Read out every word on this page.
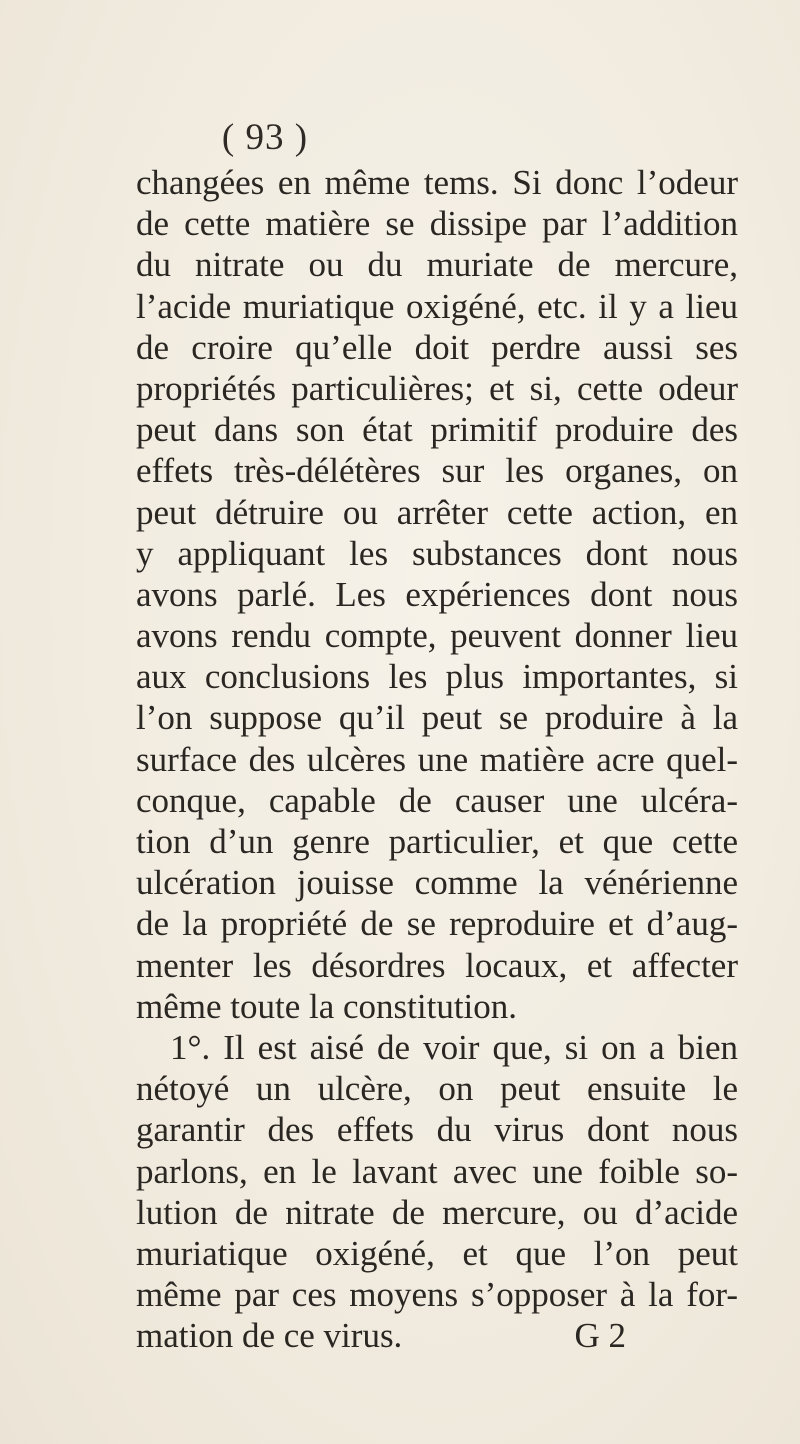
( 93 )
changées en même tems. Si donc l’odeur
de cette matière se dissipe par l’addition
du nitrate ou du muriate de mercure,
l’acide muriatique oxigéné, etc. il y a lieu
de croire qu’elle doit perdre aussi ses
propriétés particulières; et si, cette odeur
peut dans son état primitif produire des
effets très-délétères sur les organes, on
peut détruire ou arrêter cette action, en
y appliquant les substances dont nous
avons parlé. Les expériences dont nous
avons rendu compte, peuvent donner lieu
aux conclusions les plus importantes, si
l’on suppose qu’il peut se produire à la
surface des ulcères une matière acre quel-
conque, capable de causer une ulcéra-
tion d’un genre particulier, et que cette
ulcération jouisse comme la vénérienne
de la propriété de se reproduire et d’aug-
menter les désordres locaux, et affecter
même toute la constitution.
1°. Il est aisé de voir que, si on a bien
nétoyé un ulcère, on peut ensuite le
garantir des effets du virus dont nous
parlons, en le lavant avec une foible so-
lution de nitrate de mercure, ou d’acide
muriatique oxigéné, et que l’on peut
même par ces moyens s’opposer à la for-
mation de ce virus.	G 2
